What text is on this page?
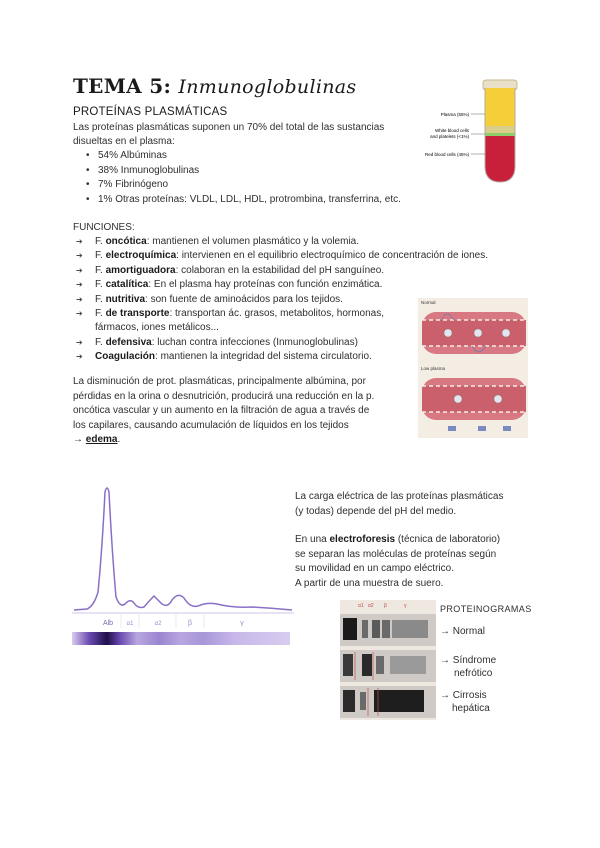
TEMA 5: Inmunoglobulinas
PROTEÍNAS PLASMÁTICAS
Las proteínas plasmáticas suponen un 70% del total de las sustancias
disueltas en el plasma:
• 54% Albúminas
• 38% Inmunoglobulinas
• 7% Fibrinógeno
• 1% Otras proteínas: VLDL, LDL, HDL, protrombina, transferrina, etc.
Plasma (55%)
White blood cells
and platelets (<1%)
Red blood cells (45%)
FUNCIONES:
➔ F. oncótica: mantienen el volumen plasmático y la volemia.
➔ F. electroquímica: intervienen en el equilibrio electroquímico de concentración de iones.
➔ F. amortiguadora: colaboran en la estabilidad del pH sanguíneo.
➔ F. catalítica: En el plasma hay proteínas con función enzimática.
➔ F. nutritiva: son fuente de aminoácidos para los tejidos.
➔ F. de transporte: transportan ác. grasos, metabolitos, hormonas,
fármacos, iones metálicos...
➔ F. defensiva: luchan contra infecciones (Inmunoglobulinas)
➔ Coagulación: mantienen la integridad del sistema circulatorio.
Normal
Low plasma
La disminución de prot. plasmáticas, principalmente albúmina, por
pérdidas en la orina o desnutrición, producirá una reducción en la p.
oncótica vascular y un aumento en la filtración de agua a través de
los capilares, causando acumulación de líquidos en los tejidos
→ edema.
Alb α1	α2	β	γ
La carga eléctrica de las proteínas plasmáticas
(y todas) depende del pH del medio.
En una electroforesis (técnica de laboratorio)
se separan las moléculas de proteínas según
su movilidad en un campo eléctrico.
A partir de una muestra de suero.
α1 α2 β	γ	PROTEINOGRAMAS
→ Normal
→ Síndrome
nefrótico
→ Cirrosis
hepática
